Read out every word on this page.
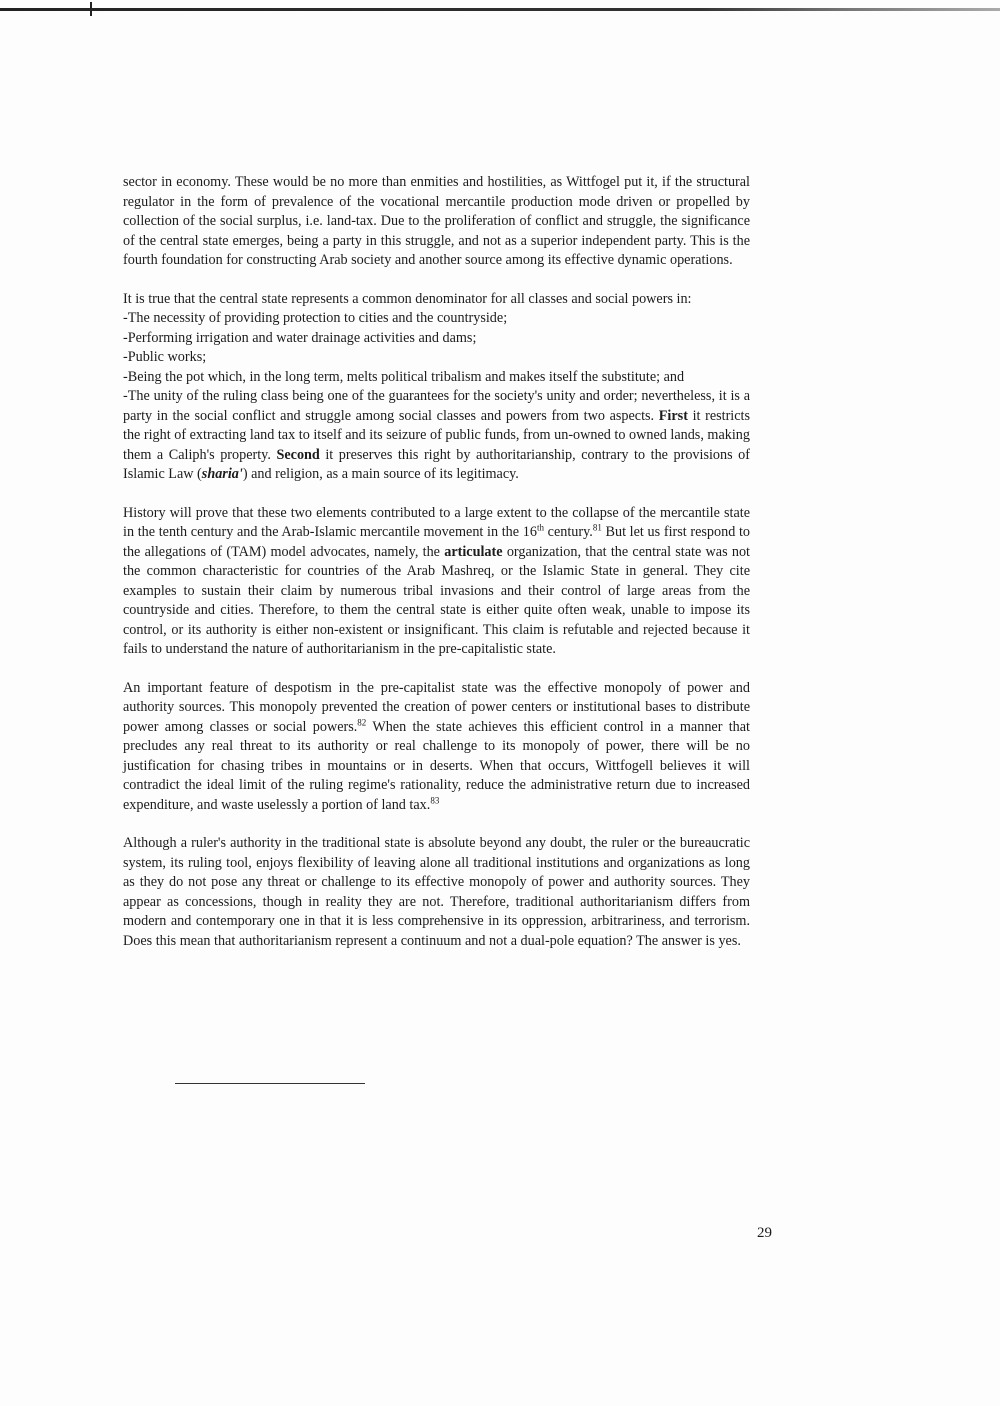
sector in economy. These would be no more than enmities and hostilities, as Wittfogel put it, if the structural regulator in the form of prevalence of the vocational mercantile production mode driven or propelled by collection of the social surplus, i.e. land-tax. Due to the proliferation of conflict and struggle, the significance of the central state emerges, being a party in this struggle, and not as a superior independent party. This is the fourth foundation for constructing Arab society and another source among its effective dynamic operations.

It is true that the central state represents a common denominator for all classes and social powers in:
-The necessity of providing protection to cities and the countryside;
-Performing irrigation and water drainage activities and dams;
-Public works;
-Being the pot which, in the long term, melts political tribalism and makes itself the substitute; and
-The unity of the ruling class being one of the guarantees for the society's unity and order; nevertheless, it is a party in the social conflict and struggle among social classes and powers from two aspects. First it restricts the right of extracting land tax to itself and its seizure of public funds, from un-owned to owned lands, making them a Caliph's property. Second it preserves this right by authoritarianship, contrary to the provisions of Islamic Law (sharia') and religion, as a main source of its legitimacy.

History will prove that these two elements contributed to a large extent to the collapse of the mercantile state in the tenth century and the Arab-Islamic mercantile movement in the 16th century.$^{81}$ But let us first respond to the allegations of (TAM) model advocates, namely, the articulate organization, that the central state was not the common characteristic for countries of the Arab Mashreq, or the Islamic State in general. They cite examples to sustain their claim by numerous tribal invasions and their control of large areas from the countryside and cities. Therefore, to them the central state is either quite often weak, unable to impose its control, or its authority is either non-existent or insignificant. This claim is refutable and rejected because it fails to understand the nature of authoritarianism in the pre-capitalistic state.

An important feature of despotism in the pre-capitalist state was the effective monopoly of power and authority sources. This monopoly prevented the creation of power centers or institutional bases to distribute power among classes or social powers.$^{82}$ When the state achieves this efficient control in a manner that precludes any real threat to its authority or real challenge to its monopoly of power, there will be no justification for chasing tribes in mountains or in deserts. When that occurs, Wittfogell believes it will contradict the ideal limit of the ruling regime's rationality, reduce the administrative return due to increased expenditure, and waste uselessly a portion of land tax.$^{83}$

Although a ruler's authority in the traditional state is absolute beyond any doubt, the ruler or the bureaucratic system, its ruling tool, enjoys flexibility of leaving alone all traditional institutions and organizations as long as they do not pose any threat or challenge to its effective monopoly of power and authority sources. They appear as concessions, though in reality they are not. Therefore, traditional authoritarianism differs from modern and contemporary one in that it is less comprehensive in its oppression, arbitrariness, and terrorism. Does this mean that authoritarianism represent a continuum and not a dual-pole equation? The answer is yes.

29
